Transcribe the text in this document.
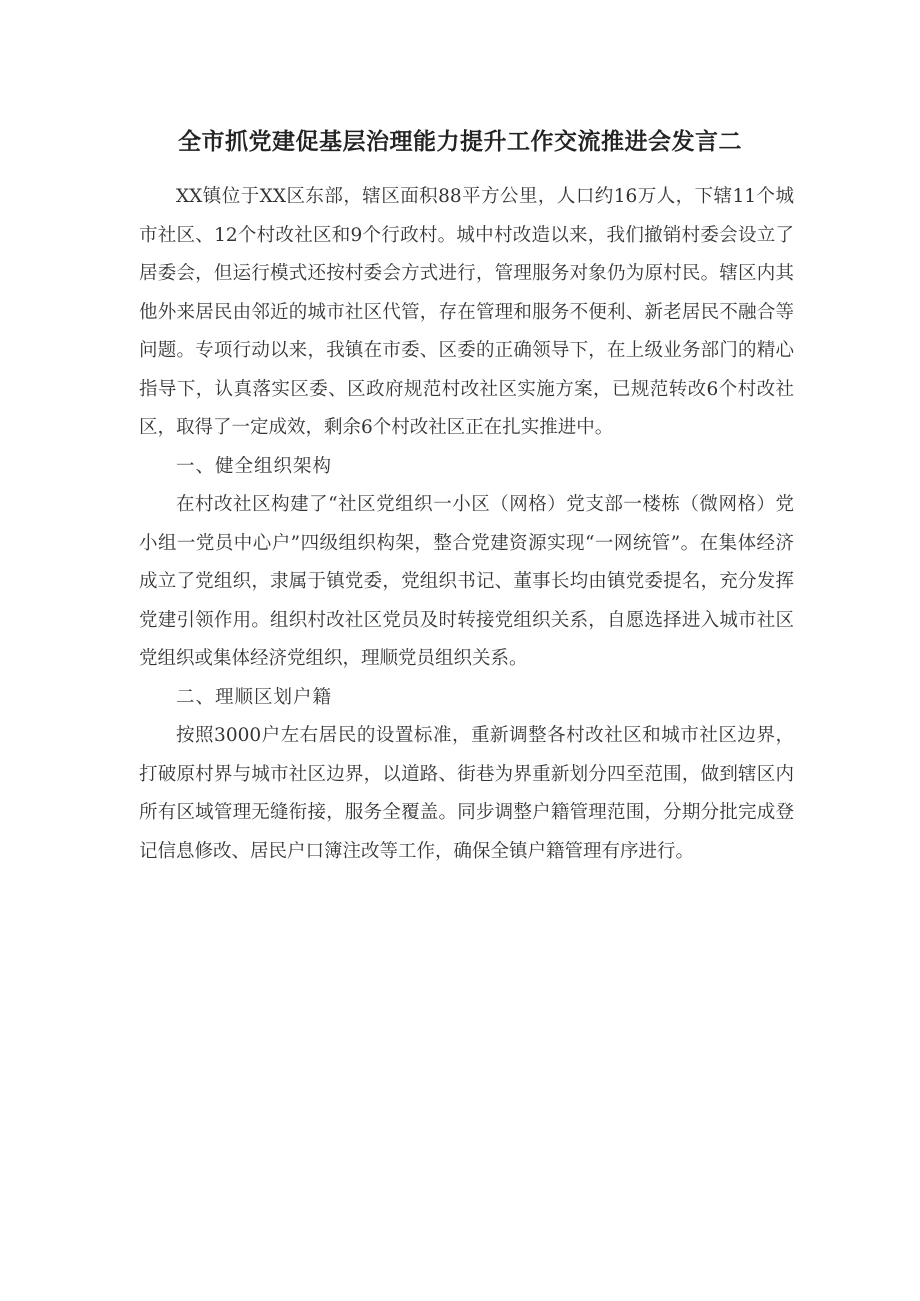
全市抓党建促基层治理能力提升工作交流推进会发言二

XX镇位于XX区东部，辖区面积88平方公里，人口约16万人，下辖11个城市社区、12个村改社区和9个行政村。城中村改造以来，我们撤销村委会设立了居委会，但运行模式还按村委会方式进行，管理服务对象仍为原村民。辖区内其他外来居民由邻近的城市社区代管，存在管理和服务不便利、新老居民不融合等问题。专项行动以来，我镇在市委、区委的正确领导下，在上级业务部门的精心指导下，认真落实区委、区政府规范村改社区实施方案，已规范转改6个村改社区，取得了一定成效，剩余6个村改社区正在扎实推进中。

一、健全组织架构

在村改社区构建了“社区党组织一小区（网格）党支部一楼栋（微网格）党小组一党员中心户”四级组织构架，整合党建资源实现“一网统管”。在集体经济成立了党组织，隶属于镇党委，党组织书记、董事长均由镇党委提名，充分发挥党建引领作用。组织村改社区党员及时转接党组织关系，自愿选择进入城市社区党组织或集体经济党组织，理顺党员组织关系。

二、理顺区划户籍

按照3000户左右居民的设置标准，重新调整各村改社区和城市社区边界，打破原村界与城市社区边界，以道路、街巷为界重新划分四至范围，做到辖区内所有区域管理无缝衔接，服务全覆盖。同步调整户籍管理范围，分期分批完成登记信息修改、居民户口簿注改等工作，确保全镇户籍管理有序进行。
